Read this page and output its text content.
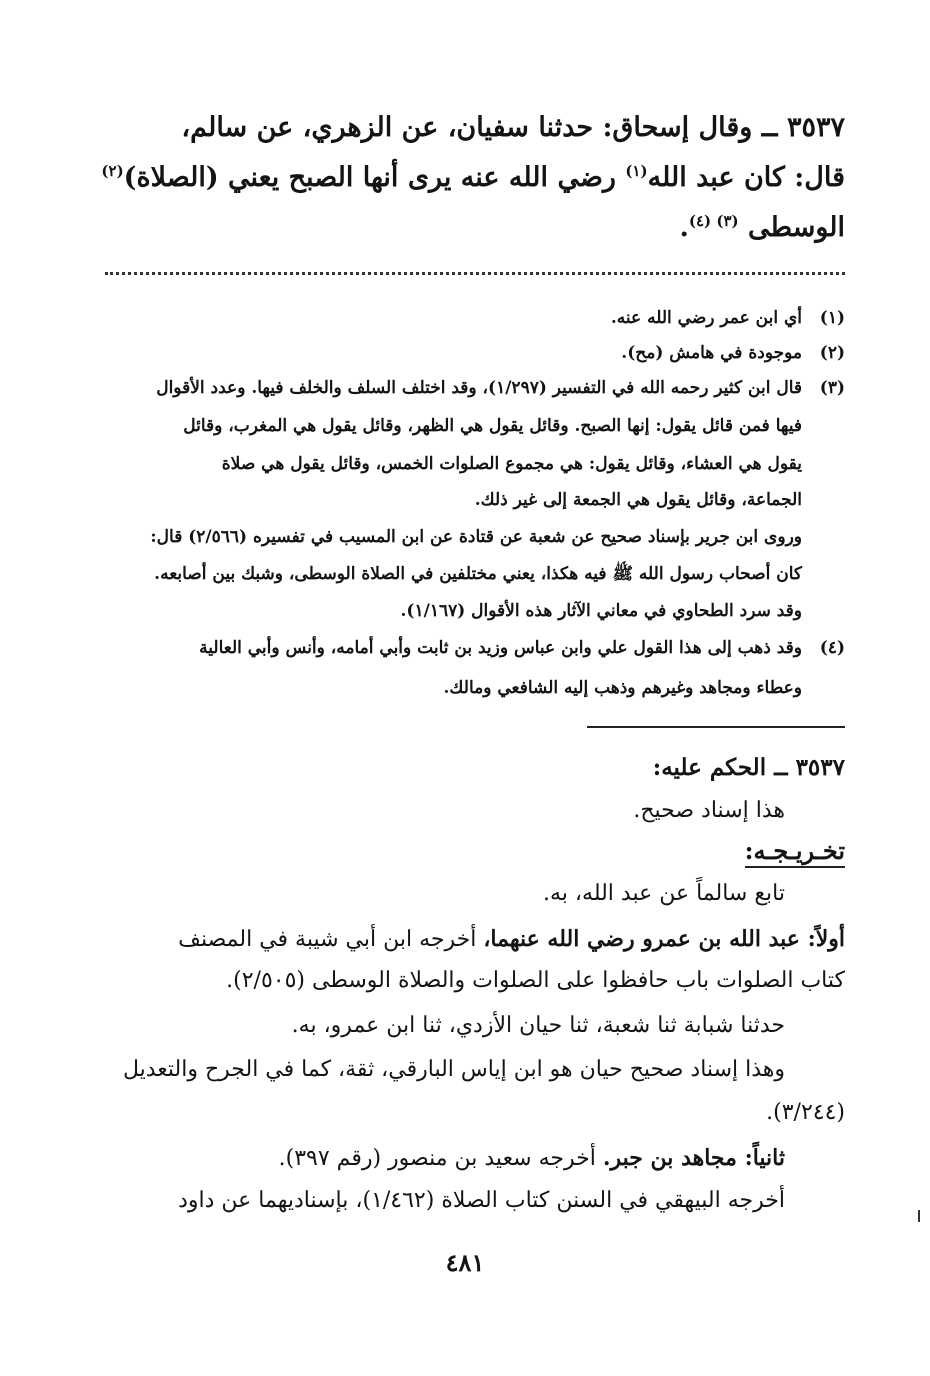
٣٥٣٧ ــ وقال إسحاق: حدثنا سفيان، عن الزهري، عن سالم،
قال: كان عبد الله$^{(١)}$ رضي الله عنه يرى أنها الصبح يعني (الصلاة)$^{(٢)}$
الوسطى $^{(٣) (٤)}$.
(١)أي ابن عمر رضي الله عنه.
(٢)موجودة في هامش (مح).
(٣)قال ابن كثير رحمه الله في التفسير (١/٢٩٧)، وقد اختلف السلف والخلف فيها. وعدد الأقوال
فيها فمن قائل يقول: إنها الصبح. وقائل يقول هي الظهر، وقائل يقول هي المغرب، وقائل
يقول هي العشاء، وقائل يقول: هي مجموع الصلوات الخمس، وقائل يقول هي صلاة
الجماعة، وقائل يقول هي الجمعة إلى غير ذلك.
وروى ابن جرير بإسناد صحيح عن شعبة عن قتادة عن ابن المسيب في تفسيره (٢/٥٦٦) قال:
كان أصحاب رسول الله ﷺ فيه هكذا، يعني مختلفين في الصلاة الوسطى، وشبك بين أصابعه.
وقد سرد الطحاوي في معاني الآثار هذه الأقوال (١/١٦٧).
(٤)وقد ذهب إلى هذا القول علي وابن عباس وزيد بن ثابت وأبي أمامه، وأنس وأبي العالية
وعطاء ومجاهد وغيرهم وذهب إليه الشافعي ومالك.
٣٥٣٧ ــ الحكم عليه:
هذا إسناد صحيح.
تخـريـجـه:
تابع سالماً عن عبد الله، به.
أولاً: عبد الله بن عمرو رضي الله عنهما، أخرجه ابن أبي شيبة في المصنف
كتاب الصلوات باب حافظوا على الصلوات والصلاة الوسطى (٢/٥٠٥).
حدثنا شبابة ثنا شعبة، ثنا حيان الأزدي، ثنا ابن عمرو، به.
وهذا إسناد صحيح حيان هو ابن إياس البارقي، ثقة، كما في الجرح والتعديل
(٣/٢٤٤).
ثانياً: مجاهد بن جبر. أخرجه سعيد بن منصور (رقم ٣٩٧).
أخرجه البيهقي في السنن كتاب الصلاة (١/٤٦٢)، بإسناديهما عن داود
٤٨١
